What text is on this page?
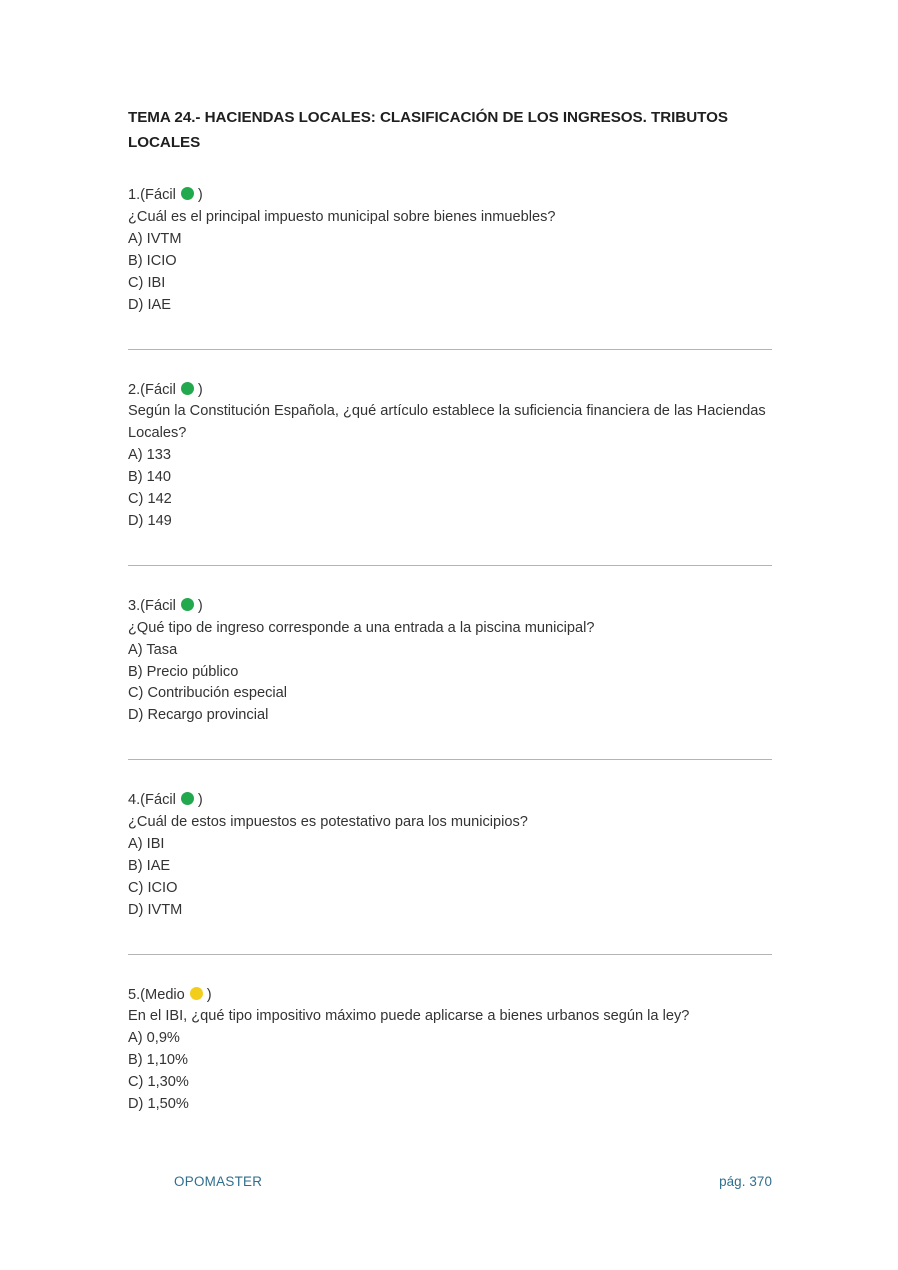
TEMA 24.- HACIENDAS LOCALES: CLASIFICACIÓN DE LOS INGRESOS. TRIBUTOS LOCALES
1.(Fácil )

¿Cuál es el principal impuesto municipal sobre bienes inmuebles?

A) IVTM
B) ICIO
C) IBI
D) IAE
2.(Fácil )

Según la Constitución Española, ¿qué artículo establece la suficiencia financiera de las Haciendas Locales?

A) 133
B) 140
C) 142
D) 149
3.(Fácil )

¿Qué tipo de ingreso corresponde a una entrada a la piscina municipal?

A) Tasa
B) Precio público
C) Contribución especial
D) Recargo provincial
4.(Fácil )

¿Cuál de estos impuestos es potestativo para los municipios?

A) IBI
B) IAE
C) ICIO
D) IVTM
5.(Medio )

En el IBI, ¿qué tipo impositivo máximo puede aplicarse a bienes urbanos según la ley?

A) 0,9%
B) 1,10%
C) 1,30%
D) 1,50%
OPOMASTER	pág. 370
